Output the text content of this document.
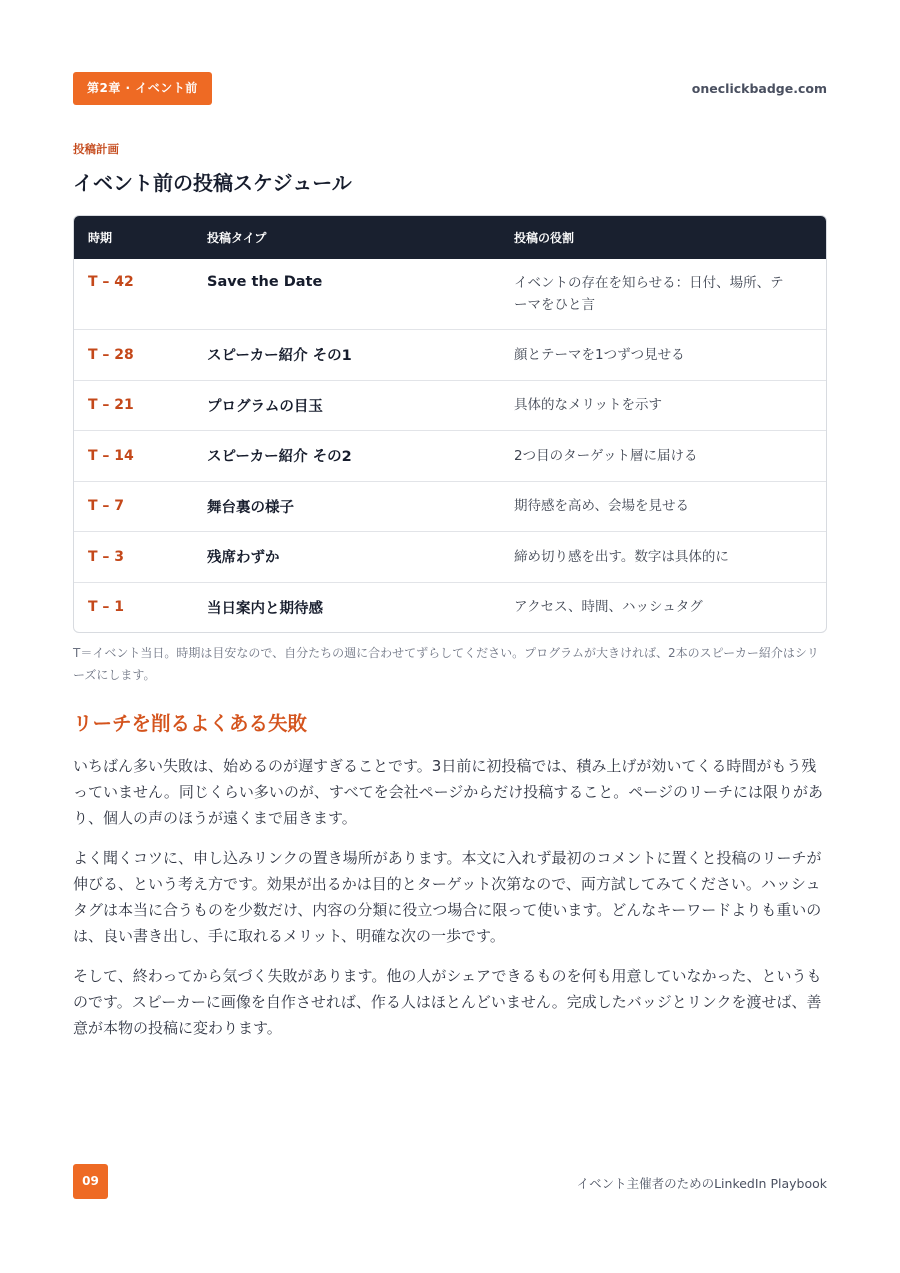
第2章 · イベント前	oneclickbadge.com
投稿計画
イベント前の投稿スケジュール
時期	投稿タイプ	投稿の役割
T – 42	Save the Date	イベントの存在を知らせる：日付、場所、テーマをひと言
T – 28	スピーカー紹介 その1	顔とテーマを1つずつ見せる
T – 21	プログラムの目玉	具体的なメリットを示す
T – 14	スピーカー紹介 その2	2つ目のターゲット層に届ける
T – 7	舞台裏の様子	期待感を高め、会場を見せる
T – 3	残席わずか	締め切り感を出す。数字は具体的に
T – 1	当日案内と期待感	アクセス、時間、ハッシュタグ

T＝イベント当日。時期は目安なので、自分たちの週に合わせてずらしてください。プログラムが大きければ、2本のスピーカー紹介はシリーズにします。

リーチを削るよくある失敗

いちばん多い失敗は、始めるのが遅すぎることです。3日前に初投稿では、積み上げが効いてくる時間がもう残っていません。同じくらい多いのが、すべてを会社ページからだけ投稿すること。ページのリーチには限りがあり、個人の声のほうが遠くまで届きます。

よく聞くコツに、申し込みリンクの置き場所があります。本文に入れず最初のコメントに置くと投稿のリーチが伸びる、という考え方です。効果が出るかは目的とターゲット次第なので、両方試してみてください。ハッシュタグは本当に合うものを少数だけ、内容の分類に役立つ場合に限って使います。どんなキーワードよりも重いのは、良い書き出し、手に取れるメリット、明確な次の一歩です。

そして、終わってから気づく失敗があります。他の人がシェアできるものを何も用意していなかった、というものです。スピーカーに画像を自作させれば、作る人はほとんどいません。完成したバッジとリンクを渡せば、善意が本物の投稿に変わります。

09	イベント主催者のためのLinkedIn Playbook
